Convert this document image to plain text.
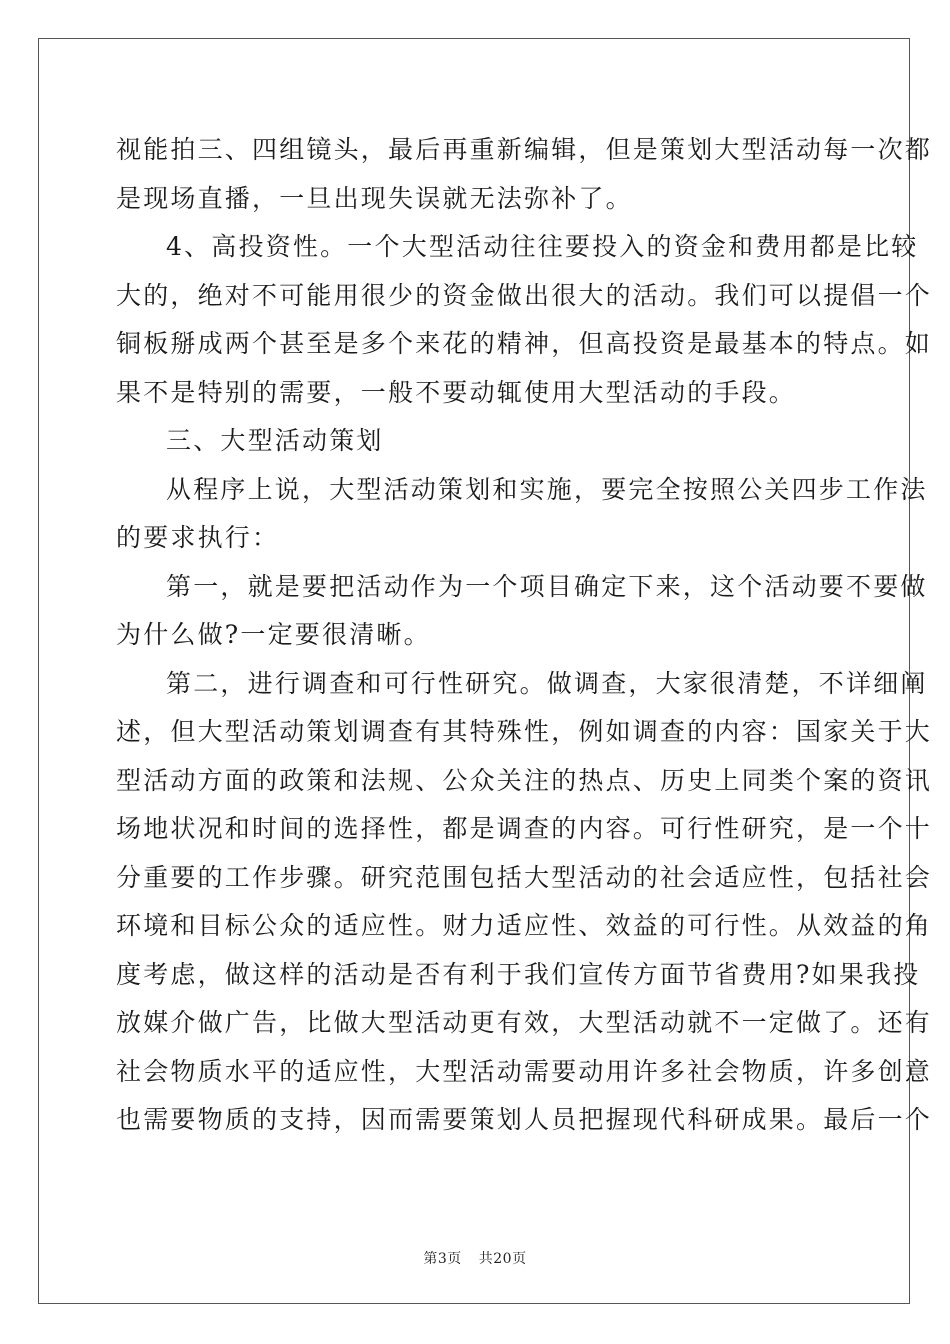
视能拍三、四组镜头，最后再重新编辑，但是策划大型活动每一次都
是现场直播，一旦出现失误就无法弥补了。
4、高投资性。一个大型活动往往要投入的资金和费用都是比较
大的，绝对不可能用很少的资金做出很大的活动。我们可以提倡一个
铜板掰成两个甚至是多个来花的精神，但高投资是最基本的特点。如
果不是特别的需要，一般不要动辄使用大型活动的手段。
三、大型活动策划
从程序上说，大型活动策划和实施，要完全按照公关四步工作法
的要求执行：
第一，就是要把活动作为一个项目确定下来，这个活动要不要做
为什么做?一定要很清晰。
第二，进行调查和可行性研究。做调查，大家很清楚，不详细阐
述，但大型活动策划调查有其特殊性，例如调查的内容：国家关于大
型活动方面的政策和法规、公众关注的热点、历史上同类个案的资讯
场地状况和时间的选择性，都是调查的内容。可行性研究，是一个十
分重要的工作步骤。研究范围包括大型活动的社会适应性，包括社会
环境和目标公众的适应性。财力适应性、效益的可行性。从效益的角
度考虑，做这样的活动是否有利于我们宣传方面节省费用?如果我投
放媒介做广告，比做大型活动更有效，大型活动就不一定做了。还有
社会物质水平的适应性，大型活动需要动用许多社会物质，许多创意
也需要物质的支持，因而需要策划人员把握现代科研成果。最后一个
第3页 共20页
